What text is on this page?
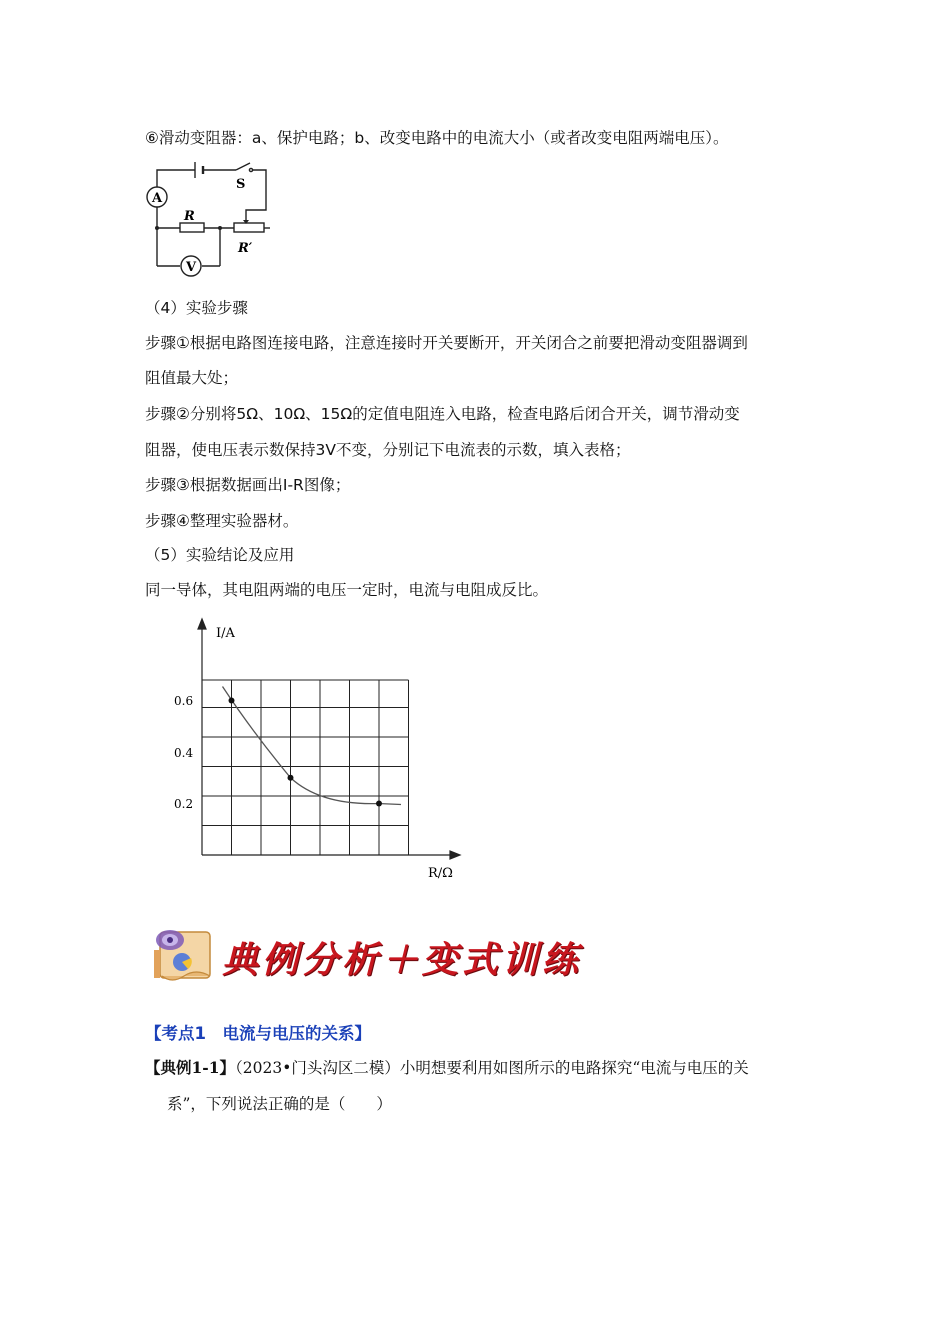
⑥滑动变阻器：a、保护电路；b、改变电路中的电流大小（或者改变电阻两端电压）。
A
V
S
R
R′
（4）实验步骤
步骤①根据电路图连接电路，注意连接时开关要断开，开关闭合之前要把滑动变阻器调到
阻值最大处；
步骤②分别将5Ω、10Ω、15Ω的定值电阻连入电路，检查电路后闭合开关，调节滑动变
阻器，使电压表示数保持3V不变，分别记下电流表的示数，填入表格；
步骤③根据数据画出I-R图像；
步骤④整理实验器材。
（5）实验结论及应用
同一导体，其电阻两端的电压一定时，电流与电阻成反比。
I/A
R/Ω
0.6
0.4
0.2
典例分析＋变式训练
【考点1　电流与电压的关系】
【典例1-1】（2023•门头沟区二模）小明想要利用如图所示的电路探究“电流与电压的关
系”，下列说法正确的是（　　）
